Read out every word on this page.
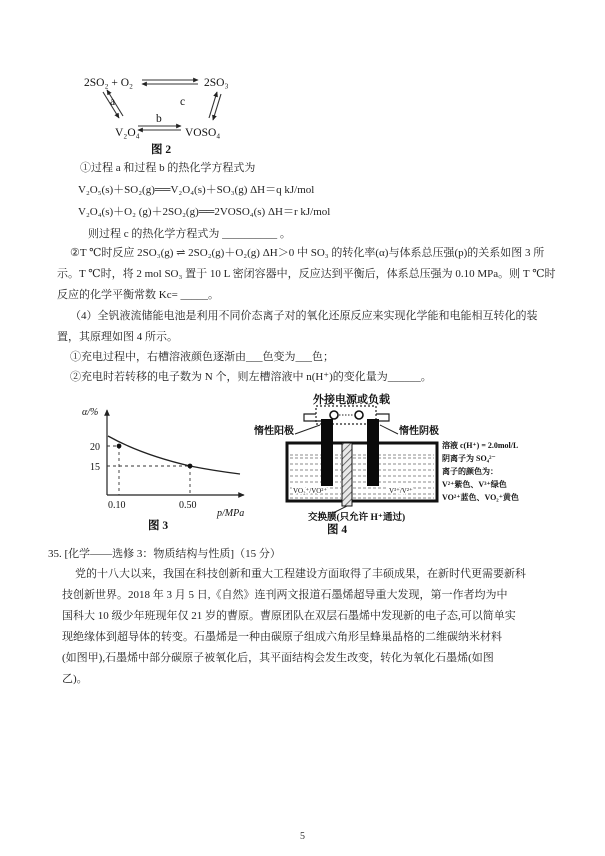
2SO₂ + O₂	2SO₃
a	c
b
V₂O₄	VOSO₄
图 2
①过程 a 和过程 b 的热化学方程式为
V₂O₅(s)＋SO₂(g)══V₂O₄(s)＋SO₃(g) ΔH＝q kJ/mol
V₂O₄(s)＋O₂ (g)＋2SO₂(g)══2VOSO₄(s) ΔH＝r kJ/mol
则过程 c 的热化学方程式为 __________ 。
②T ℃时反应 2SO₃(g) ⇌ 2SO₂(g)＋O₂(g) ΔH＞0 中 SO₃ 的转化率(α)与体系总压强(p)的关系如图 3 所
示。T ℃时，将 2 mol SO₃ 置于 10 L 密闭容器中，反应达到平衡后，体系总压强为 0.10 MPa。则 T ℃时
反应的化学平衡常数 Kc= _____。
（4）全钒液流储能电池是利用不同价态离子对的氧化还原反应来实现化学能和电能相互转化的装
置，其原理如图 4 所示。
①充电过程中，右槽溶液颜色逐渐由___色变为___色；
②充电时若转移的电子数为 N 个，则左槽溶液中 n(H⁺)的变化量为______。
α/%
20
15
0.10	0.50
p/MPa
图 3
外接电源或负载
惰性阳极	惰性阴极
VO₂⁺/VO²⁺	V³⁺/V²⁺
溶液 c(H⁺) = 2.0mol/L
阴离子为 SO₄²⁻
离子的颜色为：
V²⁺紫色、V³⁺绿色
VO²⁺蓝色、VO₂⁺黄色
交换膜(只允许 H⁺通过)
图 4
35. [化学——选修 3：物质结构与性质]（15 分）
党的十八大以来，我国在科技创新和重大工程建设方面取得了丰硕成果，在新时代更需要新科
技创新世界。2018 年 3 月 5 日,《自然》连刊两文报道石墨烯超导重大发现，第一作者均为中
国科大 10 级少年班现年仅 21 岁的曹原。曹原团队在双层石墨烯中发现新的电子态,可以简单实
现绝缘体到超导体的转变。石墨烯是一种由碳原子组成六角形呈蜂巢晶格的二维碳纳米材料
(如图甲),石墨烯中部分碳原子被氧化后，其平面结构会发生改变，转化为氧化石墨烯(如图
乙)。
5
